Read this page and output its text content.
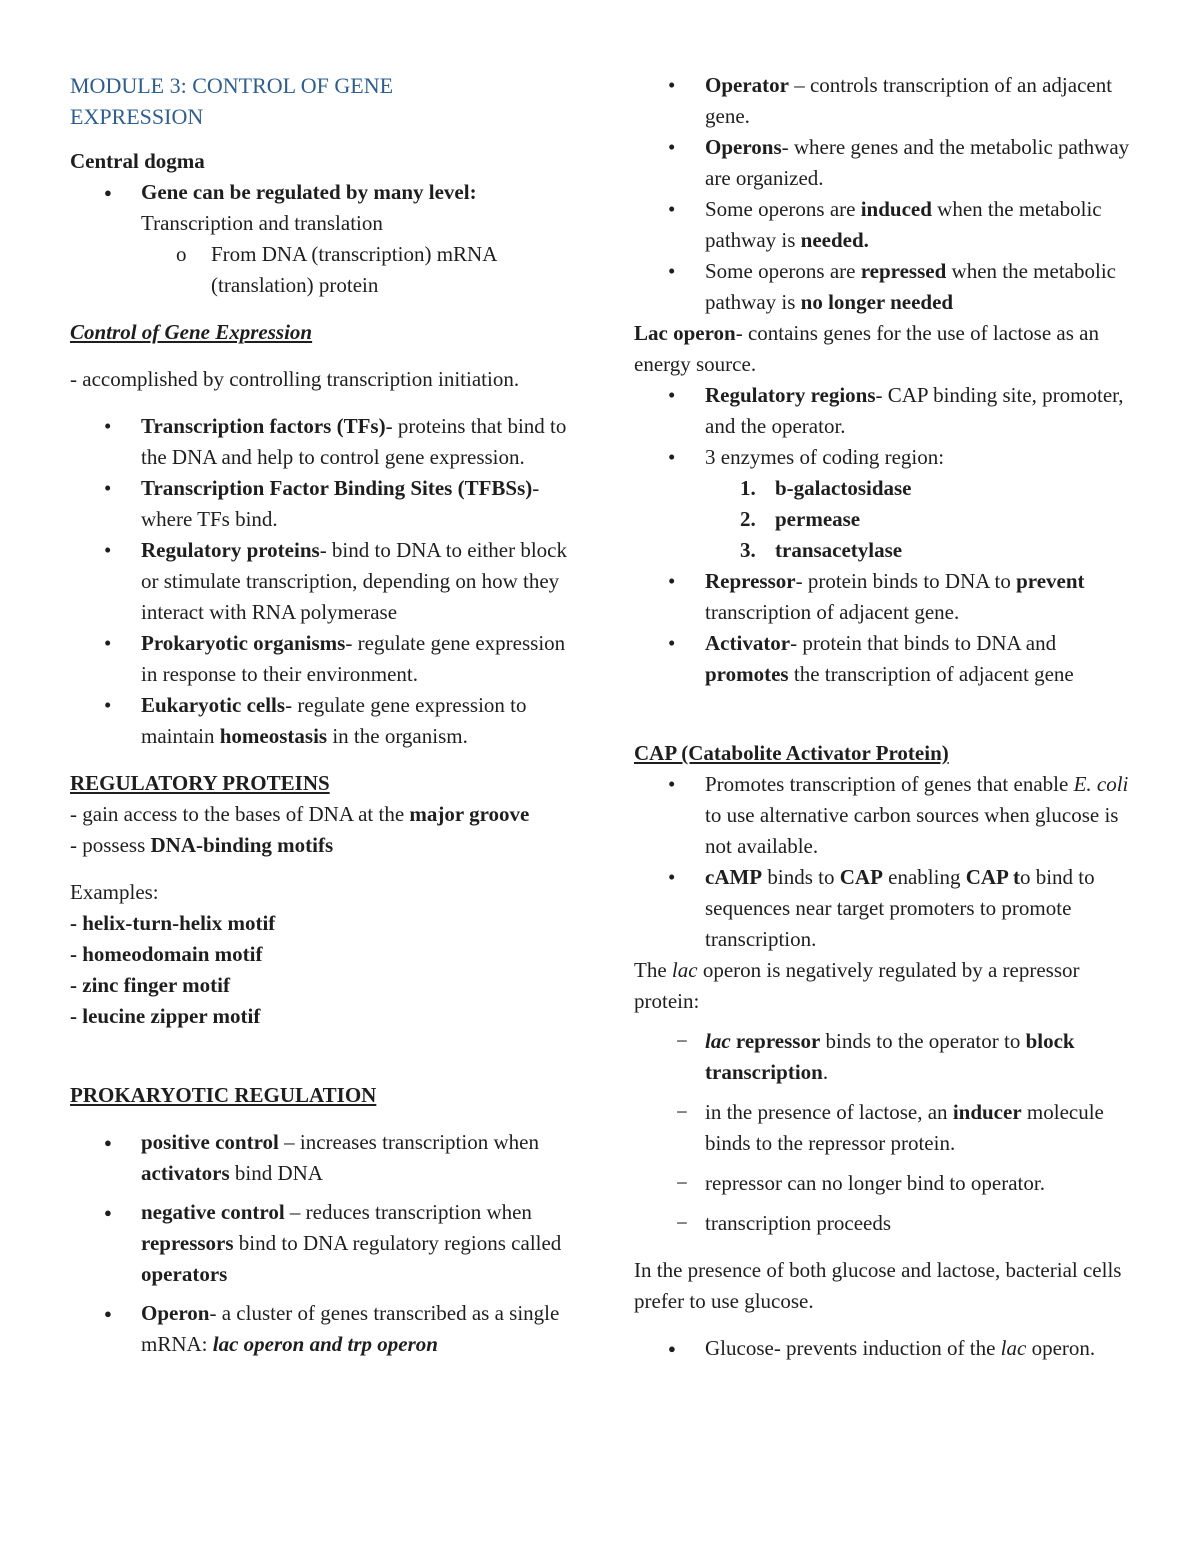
MODULE 3: CONTROL OF GENE
EXPRESSION

Central dogma

●	Gene can be regulated by many level: Transcription and translation
o From DNA (transcription) mRNA (translation) protein

Control of Gene Expression

- accomplished by controlling transcription initiation.

•	Transcription factors (TFs)- proteins that bind to the DNA and help to control gene expression.
•	Transcription Factor Binding Sites (TFBSs)- where TFs bind.
•	Regulatory proteins- bind to DNA to either block or stimulate transcription, depending on how they interact with RNA polymerase
•	Prokaryotic organisms- regulate gene expression in response to their environment.
•	Eukaryotic cells- regulate gene expression to maintain homeostasis in the organism.

REGULATORY PROTEINS

- gain access to the bases of DNA at the major groove

- possess DNA-binding motifs

Examples:

- helix-turn-helix motif

- homeodomain motif

- zinc finger motif

- leucine zipper motif

PROKARYOTIC REGULATION

●	positive control – increases transcription when activators bind DNA
●	negative control – reduces transcription when repressors bind to DNA regulatory regions called operators
●	Operon- a cluster of genes transcribed as a single mRNA: lac operon and trp operon
•	Operator – controls transcription of an adjacent gene.
•	Operons- where genes and the metabolic pathway are organized.
•	Some operons are induced when the metabolic pathway is needed.
•	Some operons are repressed when the metabolic pathway is no longer needed

Lac operon- contains genes for the use of lactose as an energy source.

•	Regulatory regions- CAP binding site, promoter, and the operator.
•	3 enzymes of coding region:
1. b-galactosidase
2. permease
3. transacetylase
•	Repressor- protein binds to DNA to prevent transcription of adjacent gene.
•	Activator- protein that binds to DNA and promotes the transcription of adjacent gene

CAP (Catabolite Activator Protein)

•	Promotes transcription of genes that enable E. coli to use alternative carbon sources when glucose is not available.
•	cAMP binds to CAP enabling CAP to bind to sequences near target promoters to promote transcription.

The lac operon is negatively regulated by a repressor protein:

− lac repressor binds to the operator to block transcription.
− in the presence of lactose, an inducer molecule binds to the repressor protein.
− repressor can no longer bind to operator.
− transcription proceeds

In the presence of both glucose and lactose, bacterial cells prefer to use glucose.

●	Glucose- prevents induction of the lac operon.
